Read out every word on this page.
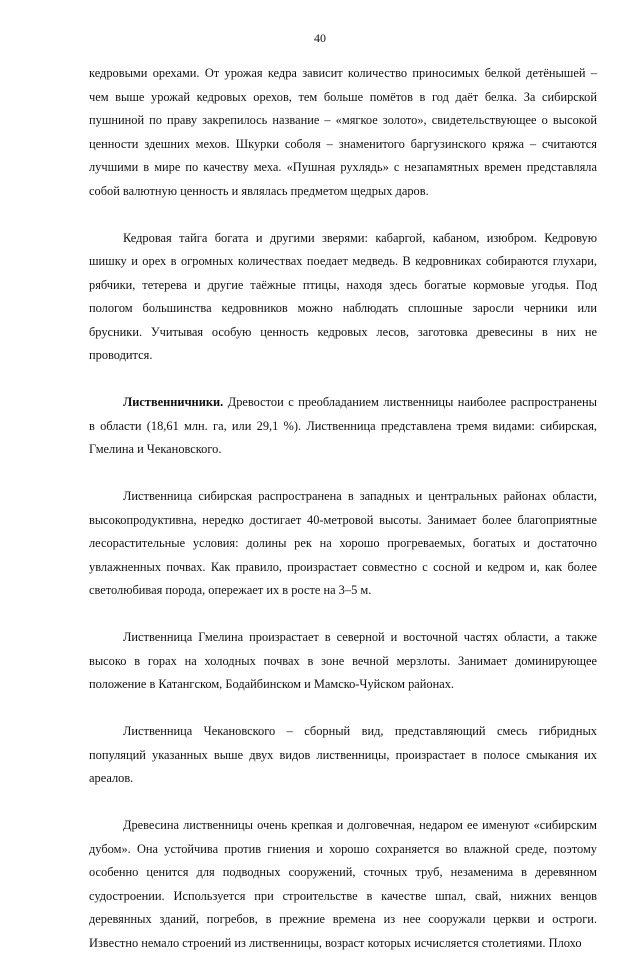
40

кедровыми орехами. От урожая кедра зависит количество приносимых белкой детёнышей – чем выше урожай кедровых орехов, тем больше помётов в год даёт белка. За сибирской пушниной по праву закрепилось название – «мягкое золото», свидетельствующее о высокой ценности здешних мехов. Шкурки соболя – знаменитого баргузинского кряжа – считаются лучшими в мире по качеству меха. «Пушная рухлядь» с незапамятных времен представляла собой валютную ценность и являлась предметом щедрых даров.

Кедровая тайга богата и другими зверями: кабаргой, кабаном, изюбром. Кедровую шишку и орех в огромных количествах поедает медведь. В кедровниках собираются глухари, рябчики, тетерева и другие таёжные птицы, находя здесь богатые кормовые угодья. Под пологом большинства кедровников можно наблюдать сплошные заросли черники или брусники. Учитывая особую ценность кедровых лесов, заготовка древесины в них не проводится.

Лиственничники. Древостои с преобладанием лиственницы наиболее распространены в области (18,61 млн. га, или 29,1 %). Лиственница представлена тремя видами: сибирская, Гмелина и Чекановского.

Лиственница сибирская распространена в западных и центральных районах области, высокопродуктивна, нередко достигает 40-метровой высоты. Занимает более благоприятные лесорастительные условия: долины рек на хорошо прогреваемых, богатых и достаточно увлажненных почвах. Как правило, произрастает совместно с сосной и кедром и, как более светолюбивая порода, опережает их в росте на 3–5 м.

Лиственница Гмелина произрастает в северной и восточной частях области, а также высоко в горах на холодных почвах в зоне вечной мерзлоты. Занимает доминирующее положение в Катангском, Бодайбинском и Мамско-Чуйском районах.

Лиственница Чекановского – сборный вид, представляющий смесь гибридных популяций указанных выше двух видов лиственницы, произрастает в полосе смыкания их ареалов.

Древесина лиственницы очень крепкая и долговечная, недаром ее именуют «сибирским дубом». Она устойчива против гниения и хорошо сохраняется во влажной среде, поэтому особенно ценится для подводных сооружений, сточных труб, незаменима в деревянном судостроении. Используется при строительстве в качестве шпал, свай, нижних венцов деревянных зданий, погребов, в прежние времена из нее сооружали церкви и остроги. Известно немало строений из лиственницы, возраст которых исчисляется столетиями. Плохо
